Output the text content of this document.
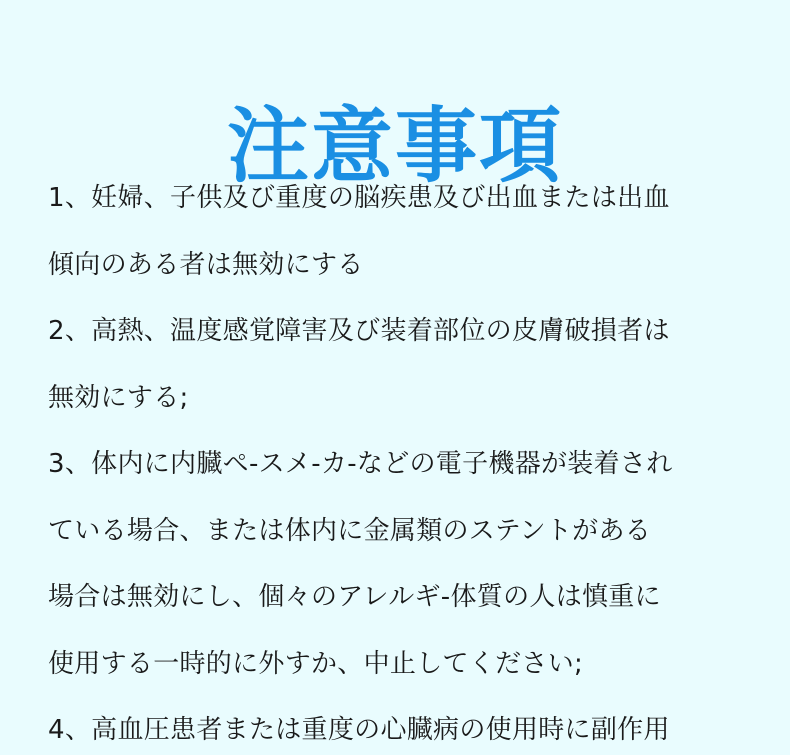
注意事項
1、妊婦、子供及び重度の脳疾患及び出血または出血
傾向のある者は無効にする
2、高熱、温度感覚障害及び装着部位の皮膚破損者は
無効にする;
3、体内に内臓ペ-スメ-カ-などの電子機器が装着され
ている場合、または体内に金属類のステントがある
場合は無効にし、個々のアレルギ-体質の人は慎重に
使用する一時的に外すか、中止してください;
4、高血圧患者または重度の心臓病の使用時に副作用
